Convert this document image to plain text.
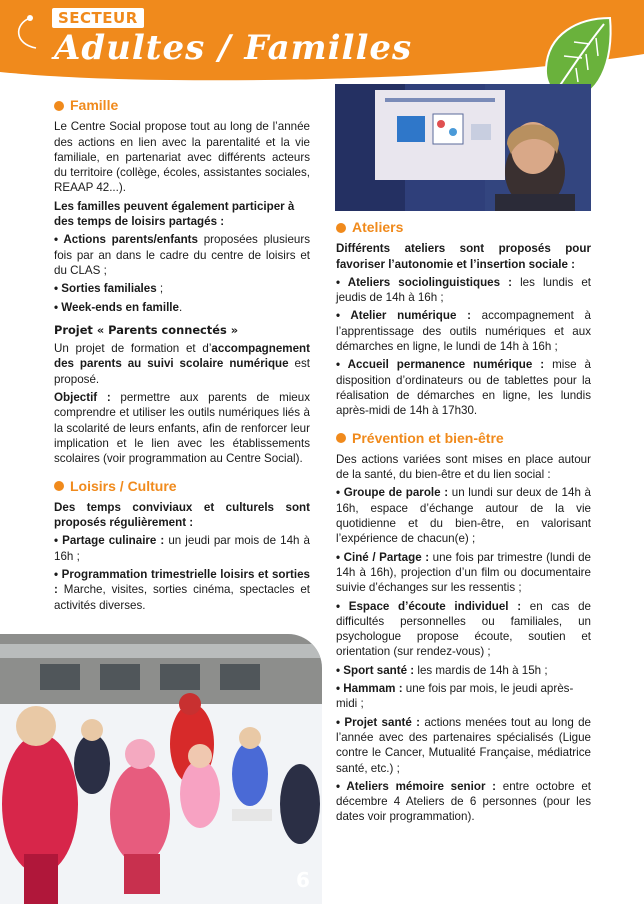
SECTEUR
Adultes / Familles
Famille

Le Centre Social propose tout au long de l’année des actions en lien avec la parentalité et la vie familiale, en partenariat avec différents acteurs du territoire (collège, écoles, assistantes sociales, REAAP 42...).

Les familles peuvent également participer à des temps de loisirs partagés :

• Actions parents/enfants proposées plusieurs fois par an dans le cadre du centre de loisirs et du CLAS ;

• Sorties familiales ;

• Week-ends en famille.

Projet « Parents connectés »

Un projet de formation et d’accompagnement des parents au suivi scolaire numérique est proposé.

Objectif : permettre aux parents de mieux comprendre et utiliser les outils numériques liés à la scolarité de leurs enfants, afin de renforcer leur implication et le lien avec les établissements scolaires (voir programmation au Centre Social).

Loisirs / Culture

Des temps conviviaux et culturels sont proposés régulièrement :

• Partage culinaire : un jeudi par mois de 14h à 16h ;

• Programmation trimestrielle loisirs et sorties : Marche, visites, sorties cinéma, spectacles et activités diverses.

Ateliers

Différents ateliers sont proposés pour favoriser l’autonomie et l’insertion sociale :

• Ateliers sociolinguistiques : les lundis et jeudis de 14h à 16h ;

• Atelier numérique : accompagnement à l’apprentissage des outils numériques et aux démarches en ligne, le lundi de 14h à 16h ;

• Accueil permanence numérique : mise à disposition d’ordinateurs ou de tablettes pour la réalisation de démarches en ligne, les lundis après-midi de 14h à 17h30.

Prévention et bien-être

Des actions variées sont mises en place autour de la santé, du bien-être et du lien social :

• Groupe de parole : un lundi sur deux de 14h à 16h, espace d’échange autour de la vie quotidienne et du bien-être, en valorisant l’expérience de chacun(e) ;

• Ciné / Partage : une fois par trimestre (lundi de 14h à 16h), projection d’un film ou documentaire suivie d’échanges sur les ressentis ;

• Espace d’écoute individuel : en cas de difficultés personnelles ou familiales, un psychologue propose écoute, soutien et orientation (sur rendez-vous) ;

• Sport santé : les mardis de 14h à 15h ;

• Hammam : une fois par mois, le jeudi après-midi ;

• Projet santé : actions menées tout au long de l’année avec des partenaires spécialisés (Ligue contre le Cancer, Mutualité Française, médiatrice santé, etc.) ;

• Ateliers mémoire senior : entre octobre et décembre 4 Ateliers de 6 personnes (pour les dates voir programmation).

6
